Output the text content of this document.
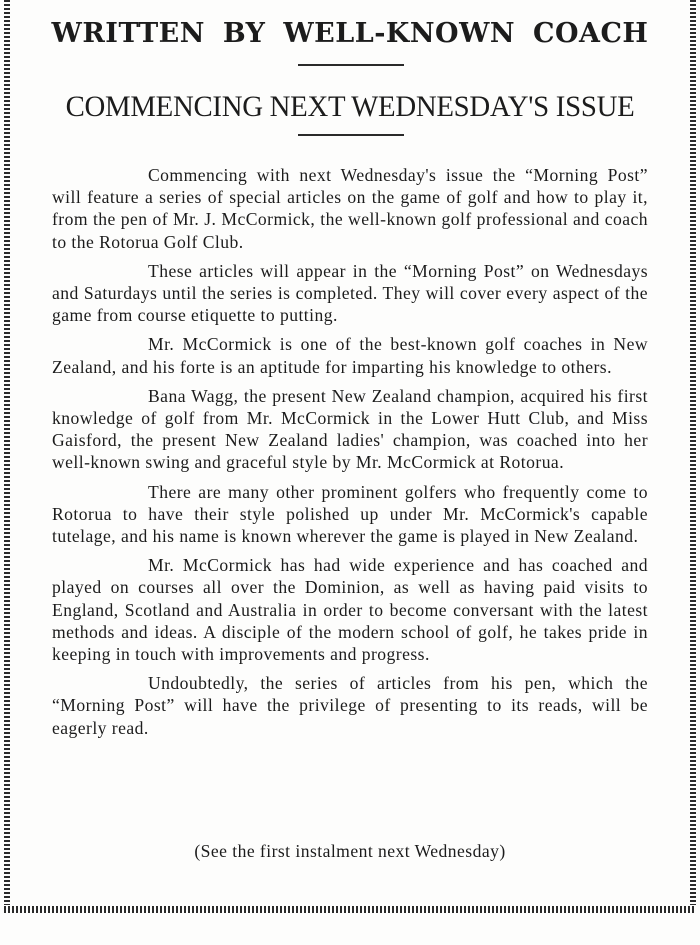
WRITTEN BY WELL-KNOWN COACH
COMMENCING NEXT WEDNESDAY'S ISSUE

Commencing with next Wednesday's issue the “Morning Post” will feature a series of special articles on the game of golf and how to play it, from the pen of Mr. J. McCormick, the well-known golf professional and coach to the Rotorua Golf Club.

These articles will appear in the “Morning Post” on Wednesdays and Saturdays until the series is completed. They will cover every aspect of the game from course etiquette to putting.

Mr. McCormick is one of the best-known golf coaches in New Zealand, and his forte is an aptitude for imparting his knowledge to others.

Bana Wagg, the present New Zealand champion, acquired his first knowledge of golf from Mr. McCormick in the Lower Hutt Club, and Miss Gaisford, the present New Zealand ladies' champion, was coached into her well-known swing and graceful style by Mr. McCormick at Rotorua.

There are many other prominent golfers who frequently come to Rotorua to have their style polished up under Mr. McCormick's capable tutelage, and his name is known wherever the game is played in New Zealand.

Mr. McCormick has had wide experience and has coached and played on courses all over the Dominion, as well as having paid visits to England, Scotland and Australia in order to become conversant with the latest methods and ideas. A disciple of the modern school of golf, he takes pride in keeping in touch with improvements and progress.

Undoubtedly, the series of articles from his pen, which the “Morning Post” will have the privilege of presenting to its reads, will be eagerly read.

(See the first instalment next Wednesday)
